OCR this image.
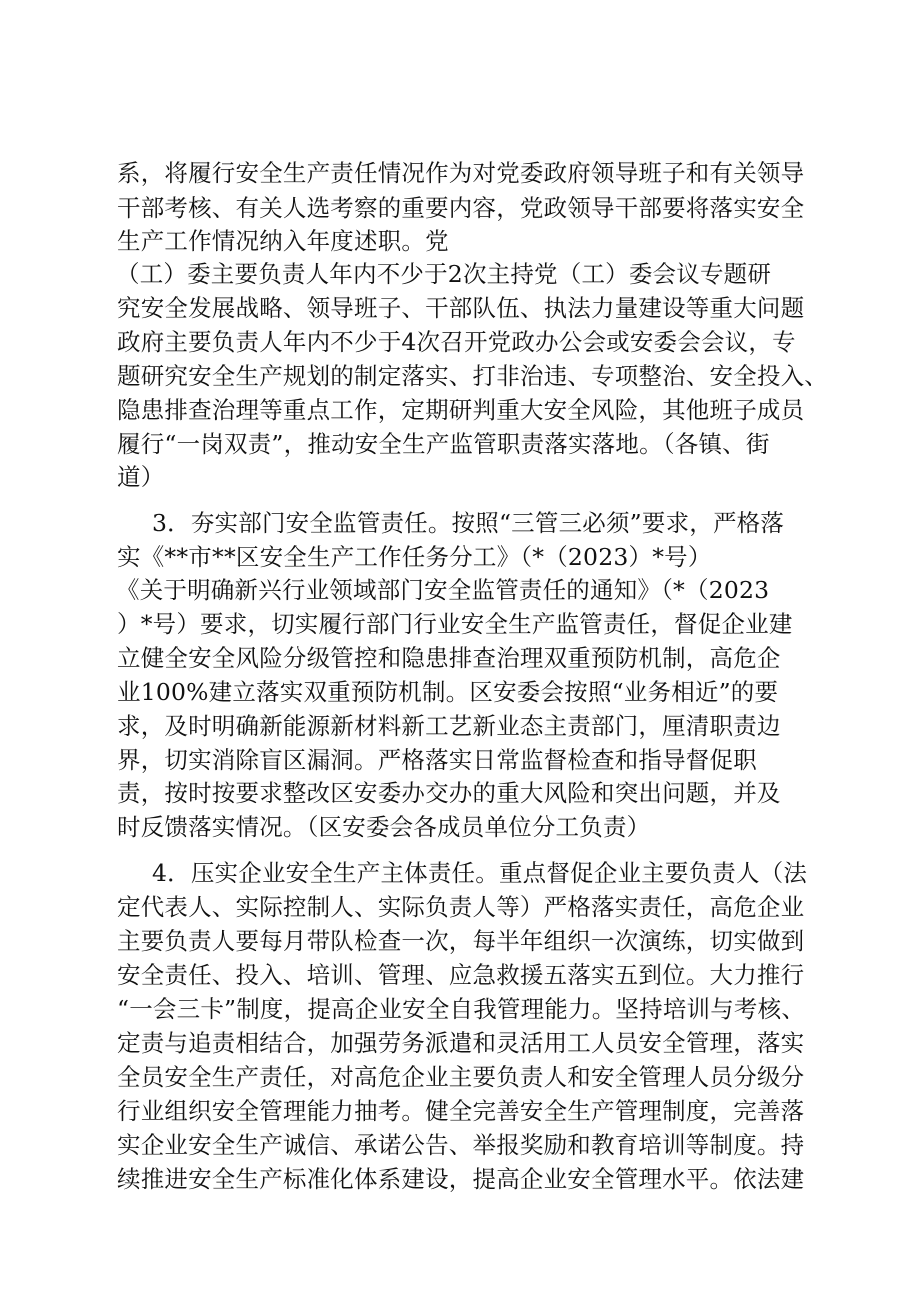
系，将履行安全生产责任情况作为对党委政府领导班子和有关领导
干部考核、有关人选考察的重要内容，党政领导干部要将落实安全
生产工作情况纳入年度述职。党
（工）委主要负责人年内不少于2次主持党（工）委会议专题研
究安全发展战略、领导班子、干部队伍、执法力量建设等重大问题
政府主要负责人年内不少于4次召开党政办公会或安委会会议，专
题研究安全生产规划的制定落实、打非治违、专项整治、安全投入、
隐患排查治理等重点工作，定期研判重大安全风险，其他班子成员
履行“一岗双责”，推动安全生产监管职责落实落地。（各镇、街
道）
3．夯实部门安全监管责任。按照“三管三必须”要求，严格落
实《**市**区安全生产工作任务分工》（*（2023）*号）
《关于明确新兴行业领域部门安全监管责任的通知》（*（2023
）*号）要求，切实履行部门行业安全生产监管责任，督促企业建
立健全安全风险分级管控和隐患排查治理双重预防机制，高危企
业100%建立落实双重预防机制。区安委会按照“业务相近”的要
求，及时明确新能源新材料新工艺新业态主责部门，厘清职责边
界，切实消除盲区漏洞。严格落实日常监督检查和指导督促职
责，按时按要求整改区安委办交办的重大风险和突出问题，并及
时反馈落实情况。（区安委会各成员单位分工负责）
4．压实企业安全生产主体责任。重点督促企业主要负责人（法
定代表人、实际控制人、实际负责人等）严格落实责任，高危企业
主要负责人要每月带队检查一次，每半年组织一次演练，切实做到
安全责任、投入、培训、管理、应急救援五落实五到位。大力推行
“一会三卡”制度，提高企业安全自我管理能力。坚持培训与考核、
定责与追责相结合，加强劳务派遣和灵活用工人员安全管理，落实
全员安全生产责任，对高危企业主要负责人和安全管理人员分级分
行业组织安全管理能力抽考。健全完善安全生产管理制度，完善落
实企业安全生产诚信、承诺公告、举报奖励和教育培训等制度。持
续推进安全生产标准化体系建设，提高企业安全管理水平。依法建
